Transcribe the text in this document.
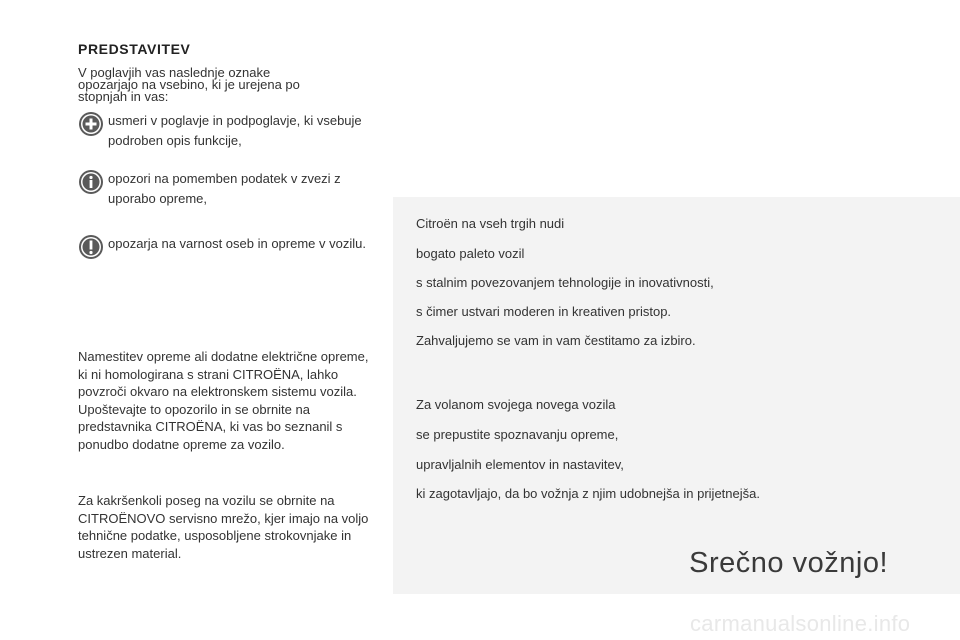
PREDSTAVITEV
V poglavjih vas naslednje oznake
opozarjajo na vsebino, ki je urejena po
stopnjah in vas:
usmeri v poglavje in podpoglavje, ki vsebuje podroben opis funkcije,
opozori na pomemben podatek v zvezi z uporabo opreme,
opozarja na varnost oseb in opreme v vozilu.
Namestitev opreme ali dodatne električne opreme, ki ni homologirana s strani CITROËNA, lahko povzroči okvaro na elektronskem sistemu vozila. Upoštevajte to opozorilo in se obrnite na predstavnika CITROËNA, ki vas bo seznanil s ponudbo dodatne opreme za vozilo.
Za kakršenkoli poseg na vozilu se obrnite na CITROËNOVO servisno mrežo, kjer imajo na voljo tehnične podatke, usposobljene strokovnjake in ustrezen material.
Citroën na vseh trgih nudi
bogato paleto vozil
s stalnim povezovanjem tehnologije in inovativnosti,
s čimer ustvari moderen in kreativen pristop.
Zahvaljujemo se vam in vam čestitamo za izbiro.
Za volanom svojega novega vozila
se prepustite spoznavanju opreme,
upravljalnih elementov in nastavitev,
ki zagotavljajo, da bo vožnja z njim udobnejša in prijetnejša.
Srečno vožnjo!
carmanualsonline.info
